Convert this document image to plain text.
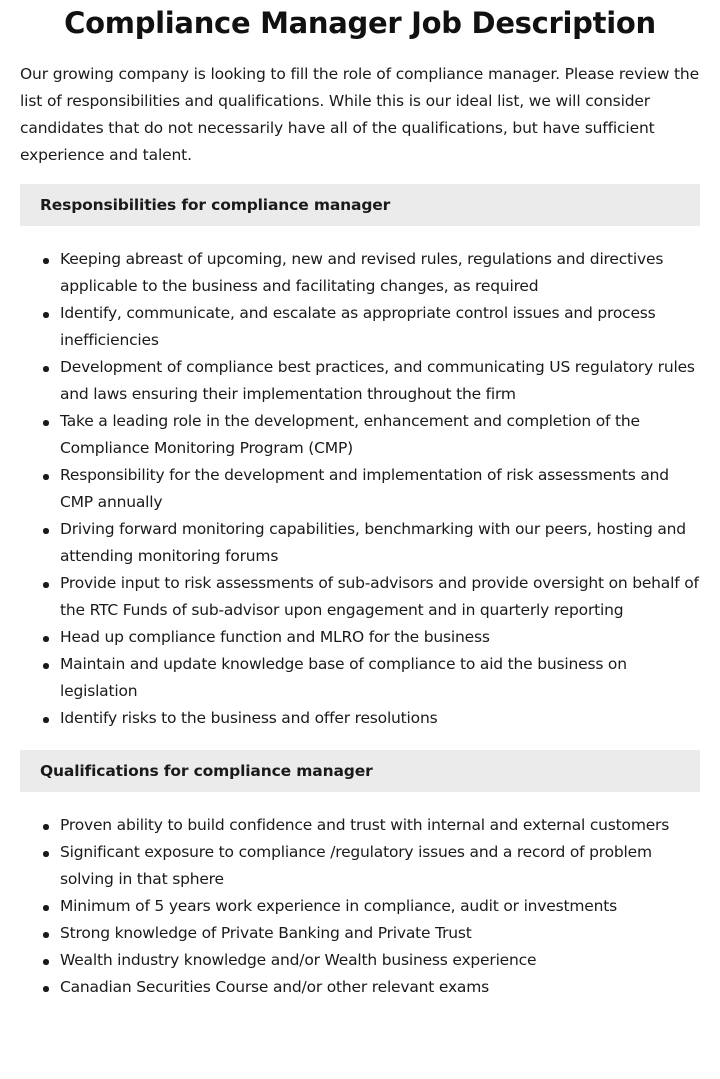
Compliance Manager Job Description

Our growing company is looking to fill the role of compliance manager. Please review the list of responsibilities and qualifications. While this is our ideal list, we will consider candidates that do not necessarily have all of the qualifications, but have sufficient experience and talent.

Responsibilities for compliance manager
Keeping abreast of upcoming, new and revised rules, regulations and directives applicable to the business and facilitating changes, as required
Identify, communicate, and escalate as appropriate control issues and process inefficiencies
Development of compliance best practices, and communicating US regulatory rules and laws ensuring their implementation throughout the firm
Take a leading role in the development, enhancement and completion of the Compliance Monitoring Program (CMP)
Responsibility for the development and implementation of risk assessments and CMP annually
Driving forward monitoring capabilities, benchmarking with our peers, hosting and attending monitoring forums
Provide input to risk assessments of sub-advisors and provide oversight on behalf of the RTC Funds of sub-advisor upon engagement and in quarterly reporting
Head up compliance function and MLRO for the business
Maintain and update knowledge base of compliance to aid the business on legislation
Identify risks to the business and offer resolutions
Qualifications for compliance manager
Proven ability to build confidence and trust with internal and external customers
Significant exposure to compliance /regulatory issues and a record of problem solving in that sphere
Minimum of 5 years work experience in compliance, audit or investments
Strong knowledge of Private Banking and Private Trust
Wealth industry knowledge and/or Wealth business experience
Canadian Securities Course and/or other relevant exams
